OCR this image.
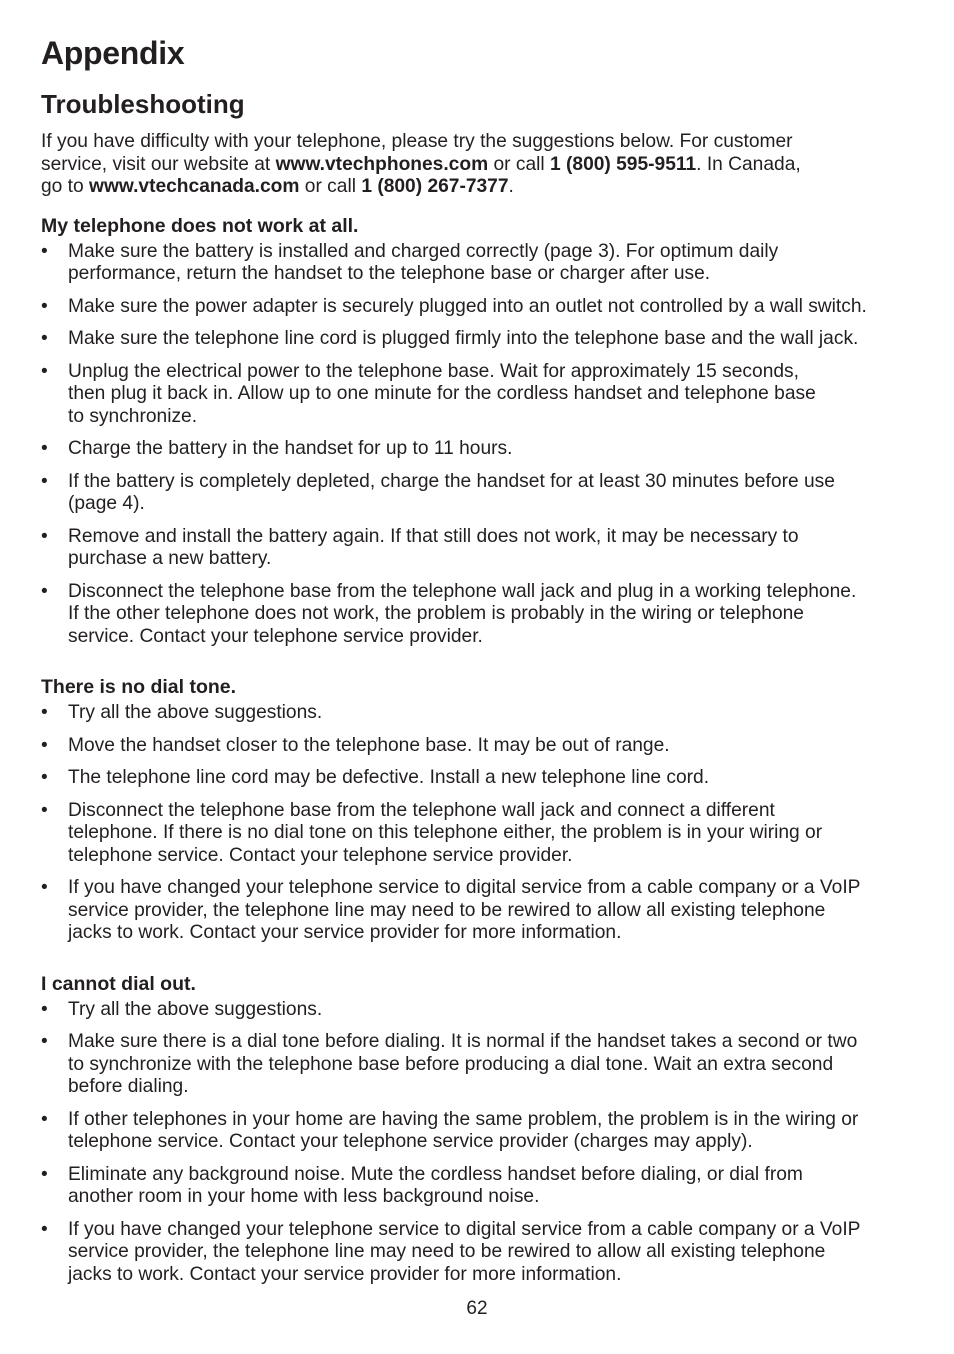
Appendix
Troubleshooting

If you have difficulty with your telephone, please try the suggestions below. For customer
service, visit our website at www.vtechphones.com or call 1 (800) 595-9511. In Canada,
go to www.vtechcanada.com or call 1 (800) 267-7377.

My telephone does not work at all.
• Make sure the battery is installed and charged correctly (page 3). For optimum daily
performance, return the handset to the telephone base or charger after use.
• Make sure the power adapter is securely plugged into an outlet not controlled by a wall switch.
• Make sure the telephone line cord is plugged firmly into the telephone base and the wall jack.
• Unplug the electrical power to the telephone base. Wait for approximately 15 seconds,
then plug it back in. Allow up to one minute for the cordless handset and telephone base
to synchronize.
• Charge the battery in the handset for up to 11 hours.
• If the battery is completely depleted, charge the handset for at least 30 minutes before use
(page 4).
• Remove and install the battery again. If that still does not work, it may be necessary to
purchase a new battery.
• Disconnect the telephone base from the telephone wall jack and plug in a working telephone.
If the other telephone does not work, the problem is probably in the wiring or telephone
service. Contact your telephone service provider.
There is no dial tone.
• Try all the above suggestions.
• Move the handset closer to the telephone base. It may be out of range.
• The telephone line cord may be defective. Install a new telephone line cord.
• Disconnect the telephone base from the telephone wall jack and connect a different
telephone. If there is no dial tone on this telephone either, the problem is in your wiring or
telephone service. Contact your telephone service provider.
• If you have changed your telephone service to digital service from a cable company or a VoIP
service provider, the telephone line may need to be rewired to allow all existing telephone
jacks to work. Contact your service provider for more information.
I cannot dial out.
• Try all the above suggestions.
• Make sure there is a dial tone before dialing. It is normal if the handset takes a second or two
to synchronize with the telephone base before producing a dial tone. Wait an extra second
before dialing.
• If other telephones in your home are having the same problem, the problem is in the wiring or
telephone service. Contact your telephone service provider (charges may apply).
• Eliminate any background noise. Mute the cordless handset before dialing, or dial from
another room in your home with less background noise.
• If you have changed your telephone service to digital service from a cable company or a VoIP
service provider, the telephone line may need to be rewired to allow all existing telephone
jacks to work. Contact your service provider for more information.
62
